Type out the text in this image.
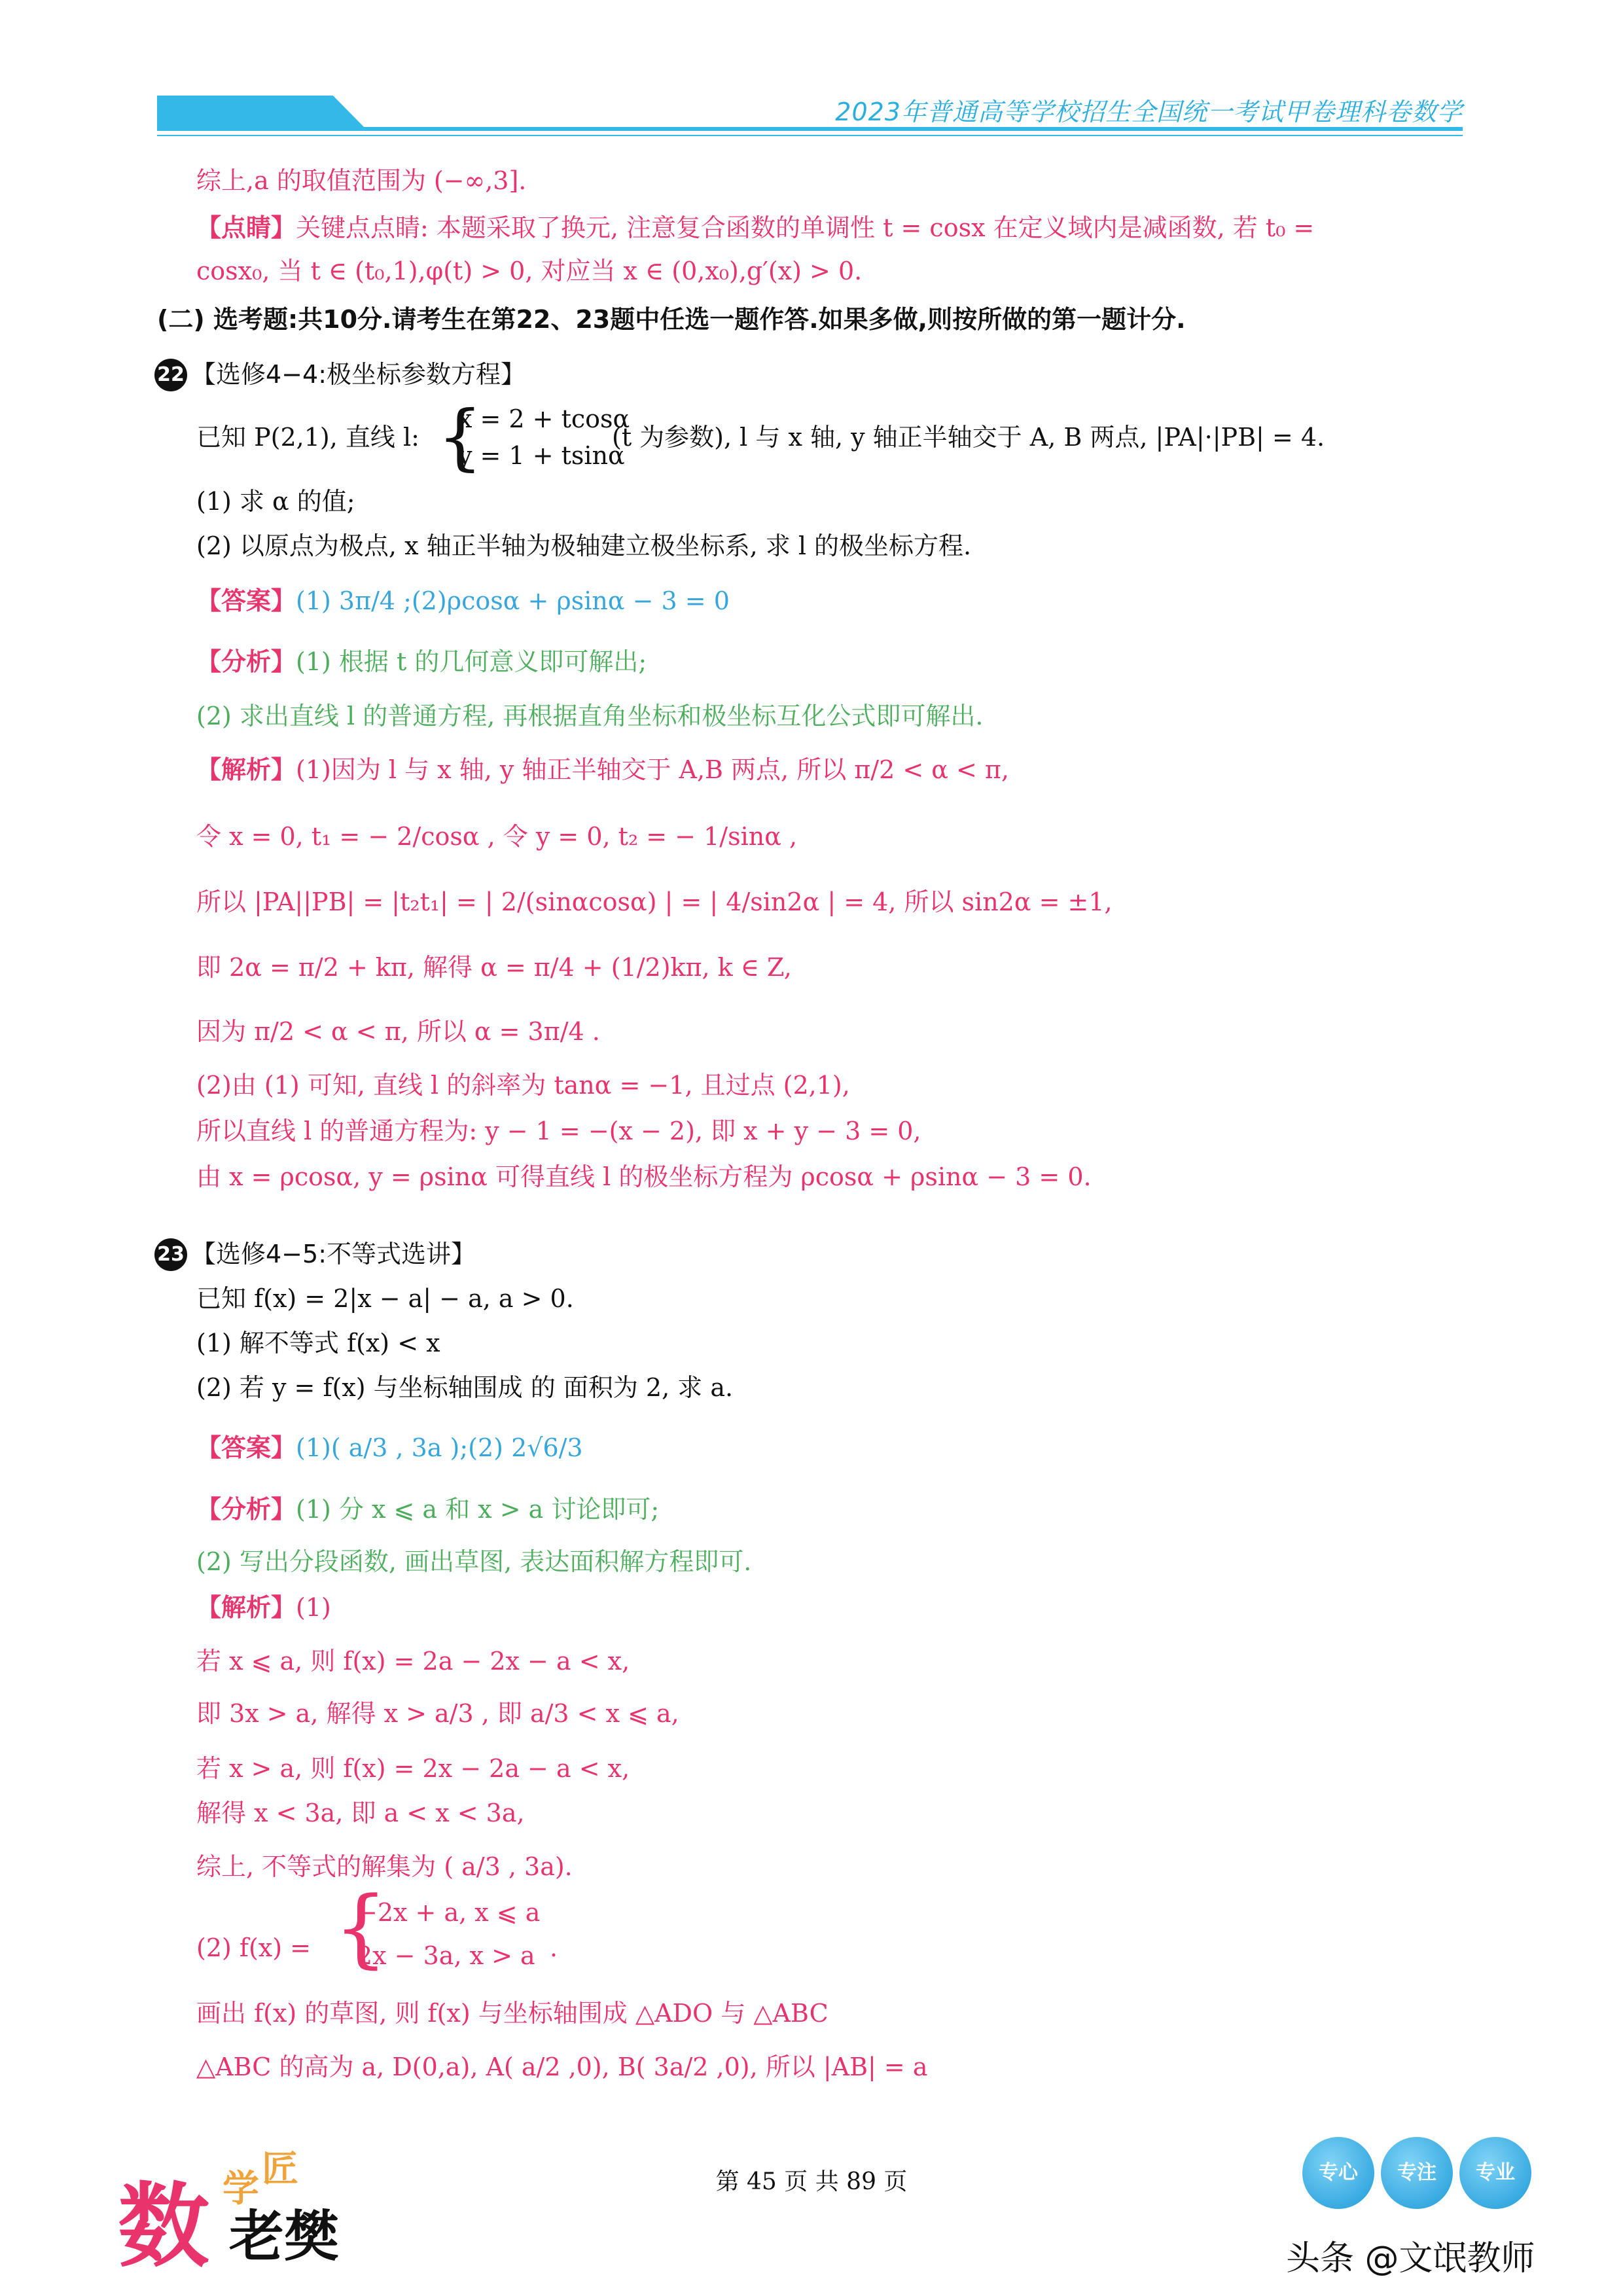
2023年普通高等学校招生全国统一考试甲卷理科卷数学
综上,a 的取值范围为 (−∞,3].
【点睛】关键点点睛: 本题采取了换元, 注意复合函数的单调性 t = cosx 在定义域内是减函数, 若 t₀ =
cosx₀, 当 t ∈ (t₀,1),φ(t) > 0, 对应当 x ∈ (0,x₀),g′(x) > 0.
(二) 选考题:共10分.请考生在第22、23题中任选一题作答.如果多做,则按所做的第一题计分.
22 【选修4−4:极坐标参数方程】
已知 P(2,1), 直线 l: {
x = 2 + tcosα
y = 1 + tsinα
(t 为参数), l 与 x 轴, y 轴正半轴交于 A, B 两点, |PA|·|PB| = 4.
(1) 求 α 的值;
(2) 以原点为极点, x 轴正半轴为极轴建立极坐标系, 求 l 的极坐标方程.
【答案】(1) 3π/4 ;(2)ρcosα + ρsinα − 3 = 0
【分析】(1) 根据 t 的几何意义即可解出;
(2) 求出直线 l 的普通方程, 再根据直角坐标和极坐标互化公式即可解出.
【解析】(1)因为 l 与 x 轴, y 轴正半轴交于 A,B 两点, 所以 π/2 < α < π,
令 x = 0, t₁ = − 2/cosα , 令 y = 0, t₂ = − 1/sinα ,
所以 |PA||PB| = |t₂t₁| = | 2/(sinαcosα) | = | 4/sin2α | = 4, 所以 sin2α = ±1,
即 2α = π/2 + kπ, 解得 α = π/4 + (1/2)kπ, k ∈ Z,
因为 π/2 < α < π, 所以 α = 3π/4 .
(2)由 (1) 可知, 直线 l 的斜率为 tanα = −1, 且过点 (2,1),
所以直线 l 的普通方程为: y − 1 = −(x − 2), 即 x + y − 3 = 0,
由 x = ρcosα, y = ρsinα 可得直线 l 的极坐标方程为 ρcosα + ρsinα − 3 = 0.
23 【选修4−5:不等式选讲】
已知 f(x) = 2|x − a| − a, a > 0.
(1) 解不等式 f(x) < x
(2) 若 y = f(x) 与坐标轴围成 的 面积为 2, 求 a.
【答案】(1)( a/3 , 3a );(2) 2√6/3
【分析】(1) 分 x ⩽ a 和 x > a 讨论即可;
(2) 写出分段函数, 画出草图, 表达面积解方程即可.
【解析】(1)
若 x ⩽ a, 则 f(x) = 2a − 2x − a < x,
即 3x > a, 解得 x > a/3 , 即 a/3 < x ⩽ a,
若 x > a, 则 f(x) = 2x − 2a − a < x,
解得 x < 3a, 即 a < x < 3a,
综上, 不等式的解集为 ( a/3 , 3a).
(2) f(x) = {
−2x + a, x ⩽ a
2x − 3a, x > a .
画出 f(x) 的草图, 则 f(x) 与坐标轴围成 △ADO 与 △ABC
△ABC 的高为 a, D(0,a), A( a/2 ,0), B( 3a/2 ,0), 所以 |AB| = a
第 45 页 共 89 页
数 学 匠
老樊
专心	专注	专业
头条 @文氓教师
